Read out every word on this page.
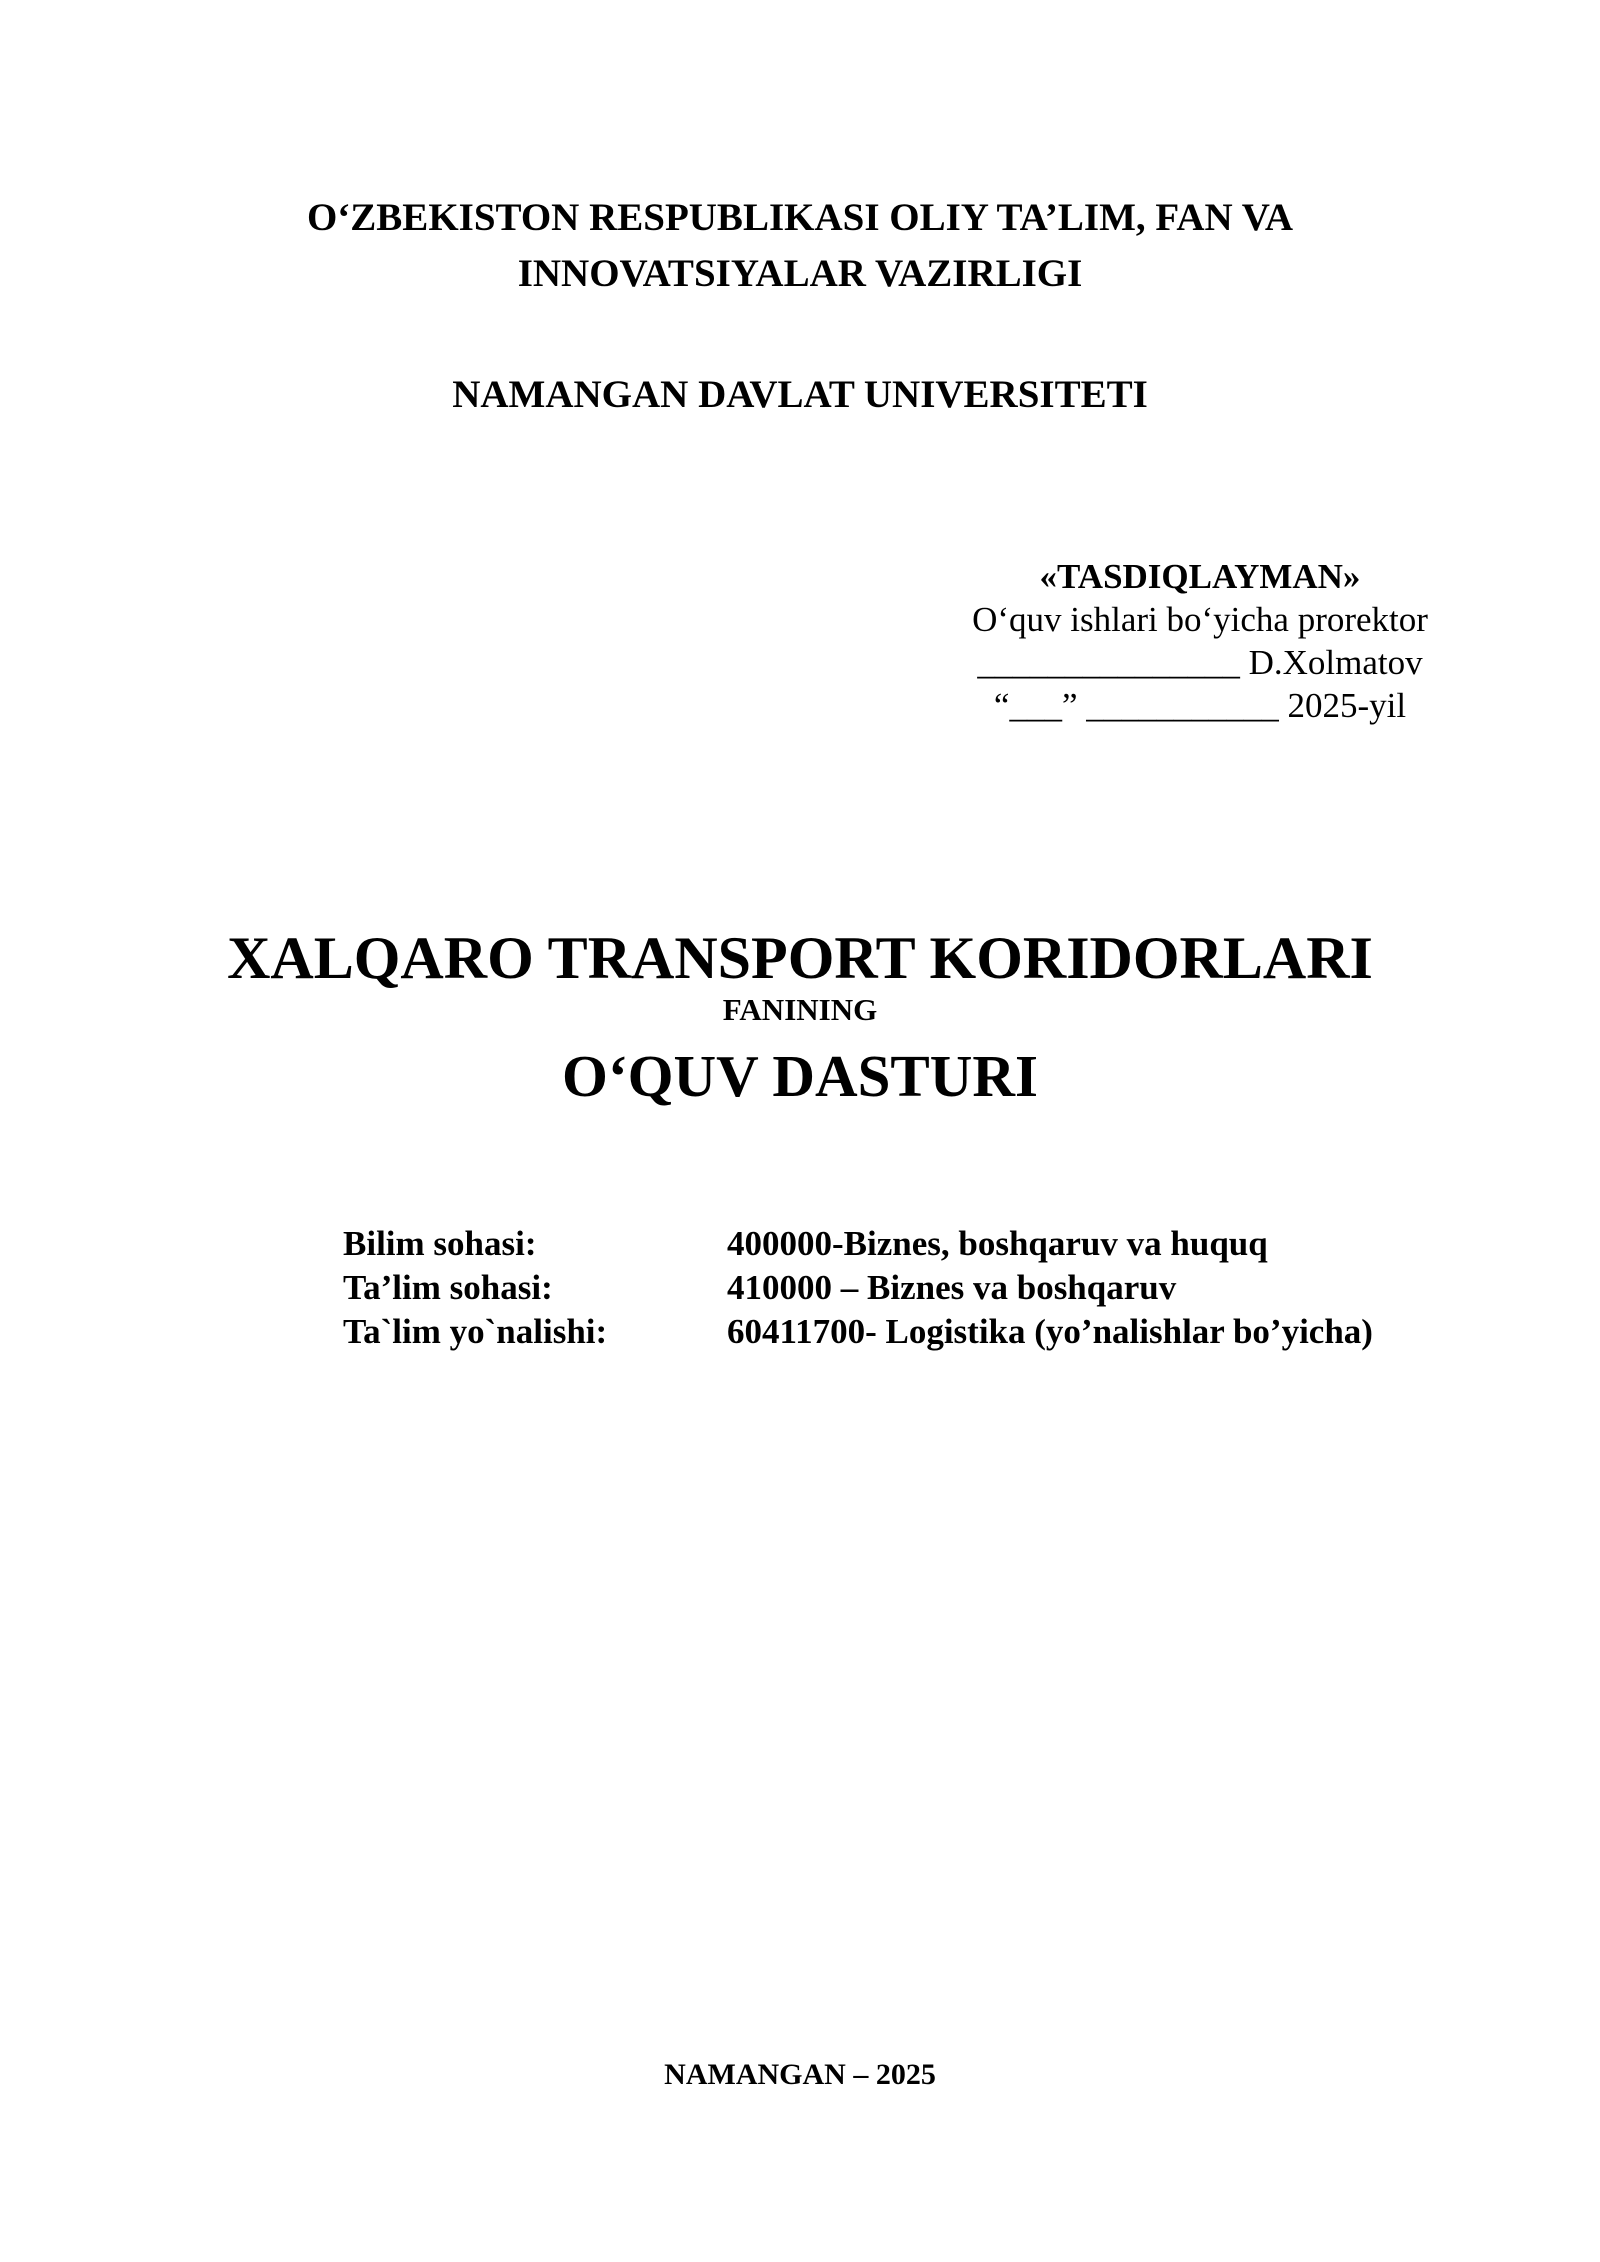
O‘ZBEKISTON RESPUBLIKASI OLIY TA’LIM, FAN VA
INNOVATSIYALAR VAZIRLIGI
NAMANGAN DAVLAT UNIVERSITETI
«TASDIQLAYMAN»
O‘quv ishlari bo‘yicha prorektor
_______________ D.Xolmatov
“___” ___________ 2025-yil
XALQARO TRANSPORT KORIDORLARI
FANINING
O‘QUV DASTURI
Bilim sohasi:	400000-Biznes, boshqaruv va huquq
Ta’lim sohasi:	410000 – Biznes va boshqaruv
Ta`lim yo`nalishi:	60411700- Logistika (yo’nalishlar bo’yicha)
NAMANGAN – 2025
